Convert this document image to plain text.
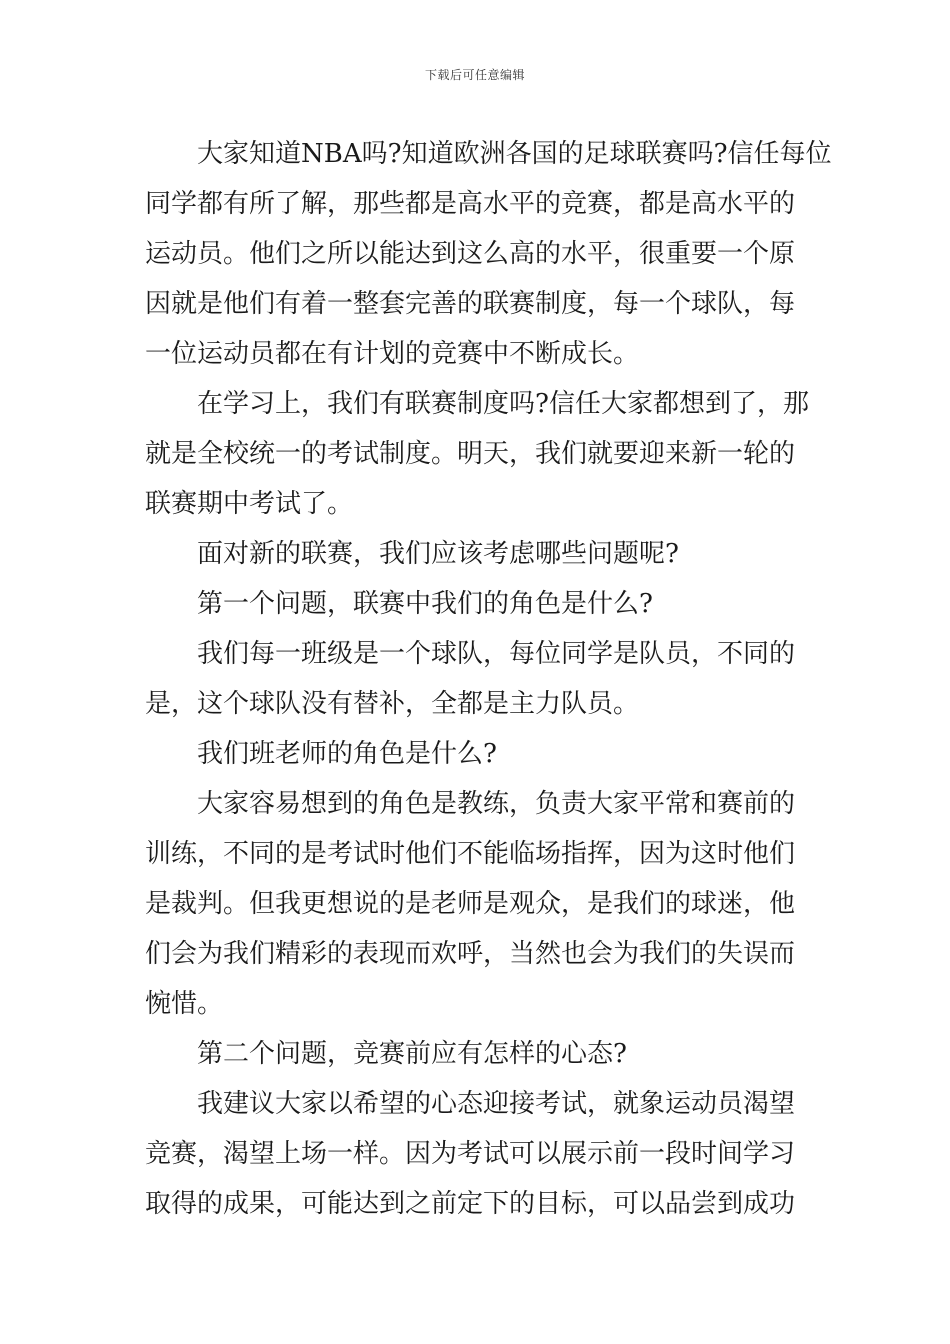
下载后可任意编辑

大家知道NBA吗?知道欧洲各国的足球联赛吗?信任每位
同学都有所了解，那些都是高水平的竞赛，都是高水平的
运动员。他们之所以能达到这么高的水平，很重要一个原
因就是他们有着一整套完善的联赛制度，每一个球队，每
一位运动员都在有计划的竞赛中不断成长。

在学习上，我们有联赛制度吗?信任大家都想到了，那
就是全校统一的考试制度。明天，我们就要迎来新一轮的
联赛期中考试了。

面对新的联赛，我们应该考虑哪些问题呢?

第一个问题，联赛中我们的角色是什么?

我们每一班级是一个球队，每位同学是队员，不同的
是，这个球队没有替补，全都是主力队员。

我们班老师的角色是什么?

大家容易想到的角色是教练，负责大家平常和赛前的
训练，不同的是考试时他们不能临场指挥，因为这时他们
是裁判。但我更想说的是老师是观众，是我们的球迷，他
们会为我们精彩的表现而欢呼，当然也会为我们的失误而
惋惜。

第二个问题，竞赛前应有怎样的心态?

我建议大家以希望的心态迎接考试，就象运动员渴望
竞赛，渴望上场一样。因为考试可以展示前一段时间学习
取得的成果，可能达到之前定下的目标，可以品尝到成功
